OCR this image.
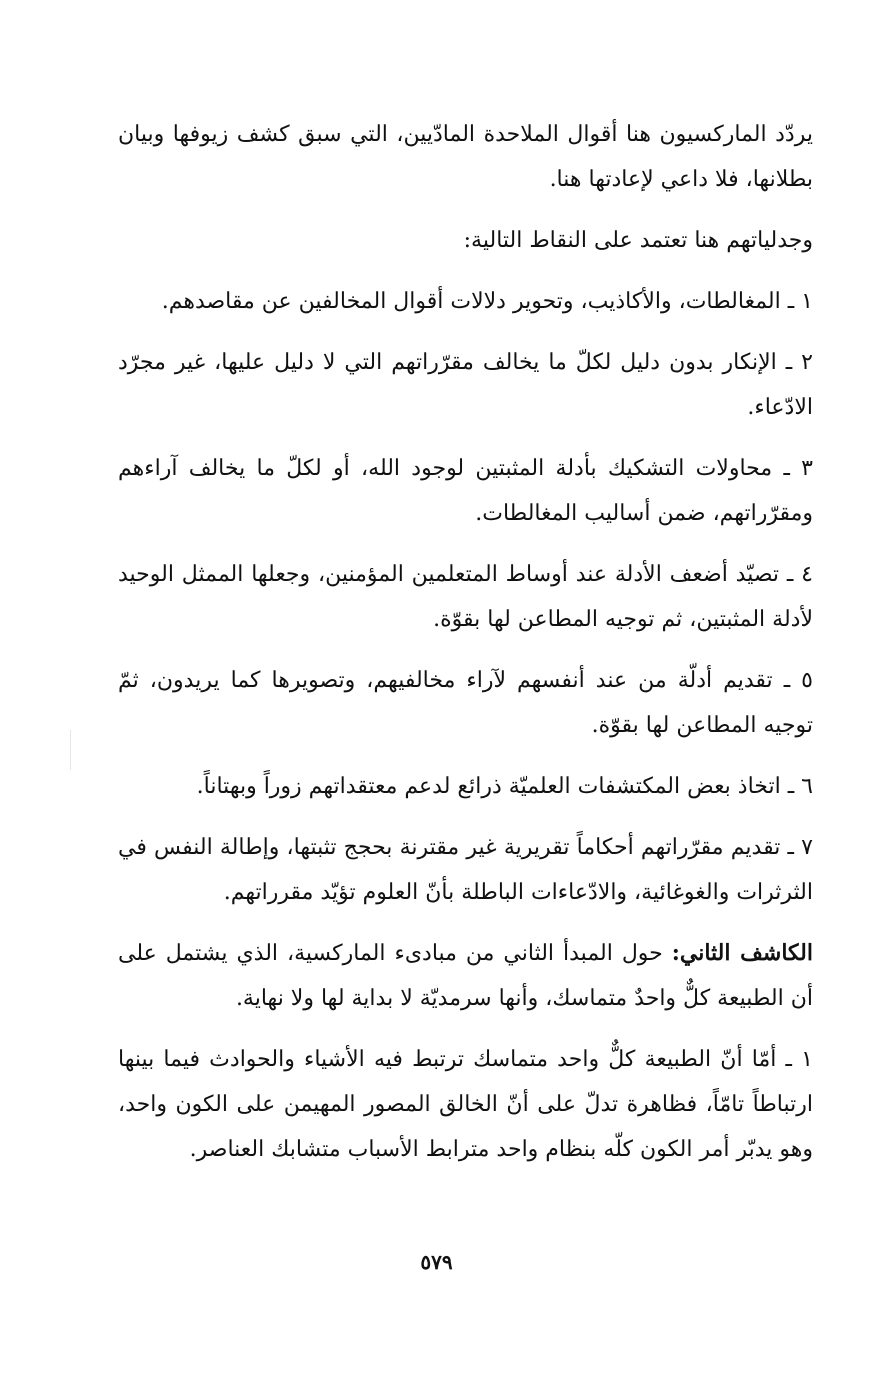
يردّد الماركسيون هنا أقوال الملاحدة المادّيين، التي سبق كشف زيوفها وبيان بطلانها، فلا داعي لإعادتها هنا.

وجدلياتهم هنا تعتمد على النقاط التالية:

١ ـ المغالطات، والأكاذيب، وتحوير دلالات أقوال المخالفين عن مقاصدهم.

٢ ـ الإنكار بدون دليل لكلّ ما يخالف مقرّراتهم التي لا دليل عليها، غير مجرّد الادّعاء.

٣ ـ محاولات التشكيك بأدلة المثبتين لوجود الله، أو لكلّ ما يخالف آراءهم ومقرّراتهم، ضمن أساليب المغالطات.

٤ ـ تصيّد أضعف الأدلة عند أوساط المتعلمين المؤمنين، وجعلها الممثل الوحيد لأدلة المثبتين، ثم توجيه المطاعن لها بقوّة.

٥ ـ تقديم أدلّة من عند أنفسهم لآراء مخالفيهم، وتصويرها كما يريدون، ثمّ توجيه المطاعن لها بقوّة.

٦ ـ اتخاذ بعض المكتشفات العلميّة ذرائع لدعم معتقداتهم زوراً وبهتاناً.

٧ ـ تقديم مقرّراتهم أحكاماً تقريرية غير مقترنة بحجج تثبتها، وإطالة النفس في الثرثرات والغوغائية، والادّعاءات الباطلة بأنّ العلوم تؤيّد مقرراتهم.

الكاشف الثاني: حول المبدأ الثاني من مبادىء الماركسية، الذي يشتمل على أن الطبيعة كلٌّ واحدٌ متماسك، وأنها سرمديّة لا بداية لها ولا نهاية.

١ ـ أمّا أنّ الطبيعة كلٌّ واحد متماسك ترتبط فيه الأشياء والحوادث فيما بينها ارتباطاً تامّاً، فظاهرة تدلّ على أنّ الخالق المصور المهيمن على الكون واحد، وهو يدبّر أمر الكون كلّه بنظام واحد مترابط الأسباب متشابك العناصر.

٥٧٩
